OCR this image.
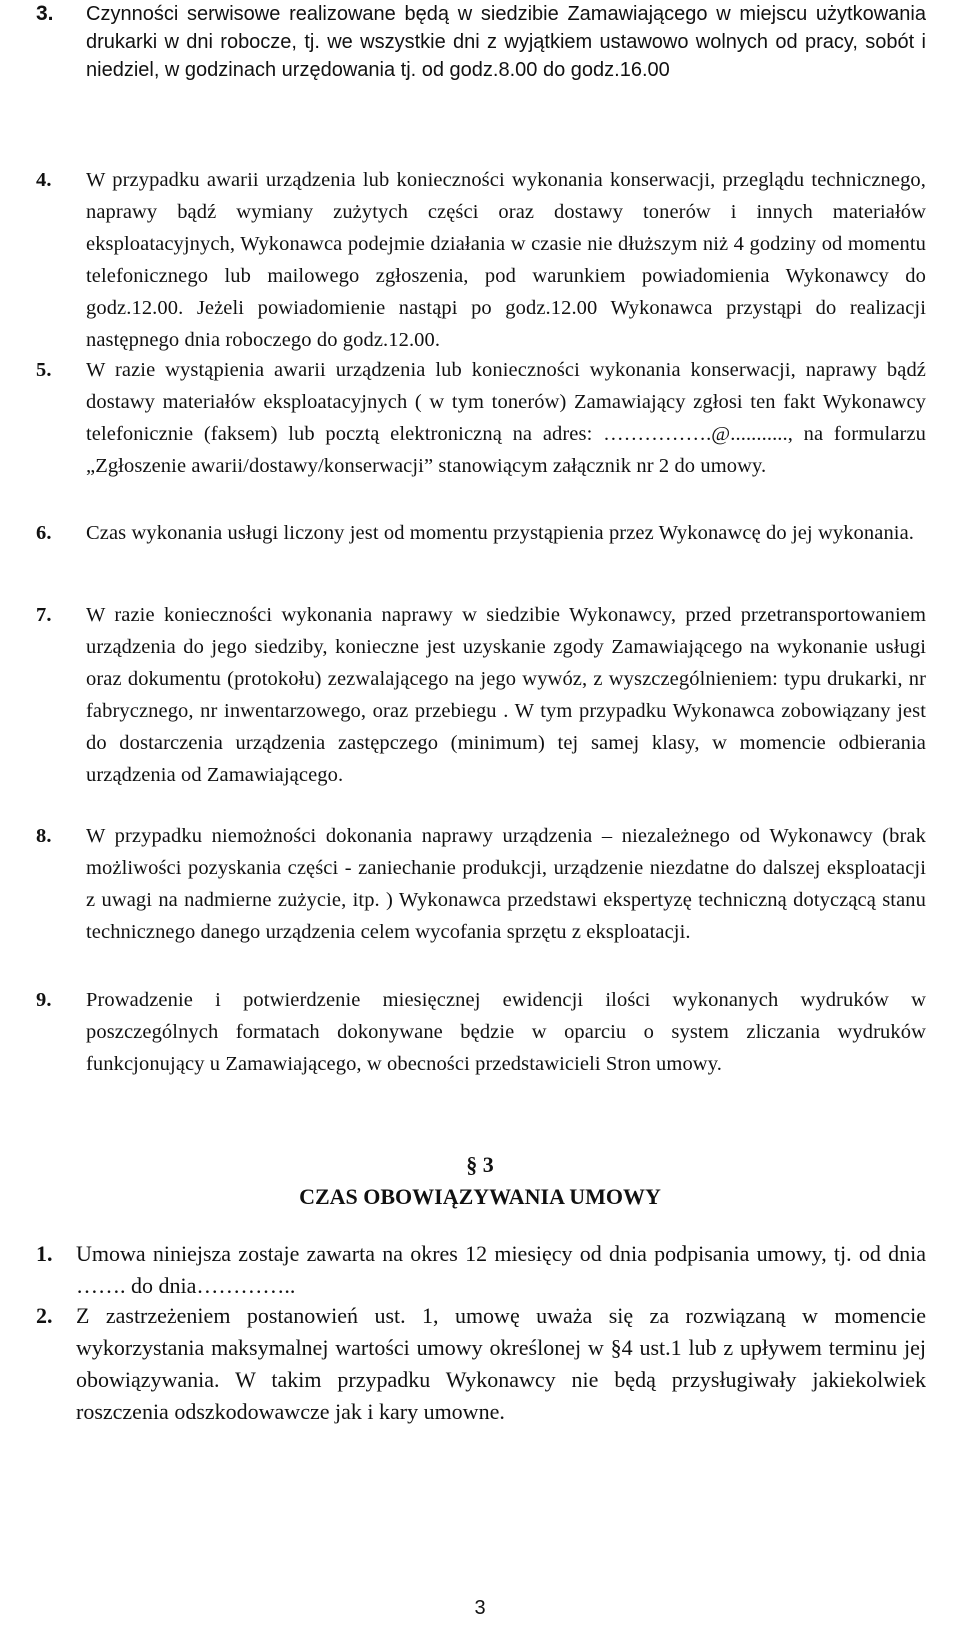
3. Czynności serwisowe realizowane będą w siedzibie Zamawiającego w miejscu użytkowania drukarki w dni robocze, tj. we wszystkie dni z wyjątkiem ustawowo wolnych od pracy, sobót i niedziel, w godzinach urzędowania tj. od godz.8.00 do godz.16.00
4. W przypadku awarii urządzenia lub konieczności wykonania konserwacji, przeglądu technicznego, naprawy bądź wymiany zużytych części oraz dostawy tonerów i innych materiałów eksploatacyjnych, Wykonawca podejmie działania w czasie nie dłuższym niż 4 godziny od momentu telefonicznego lub mailowego zgłoszenia, pod warunkiem powiadomienia Wykonawcy do godz.12.00. Jeżeli powiadomienie nastąpi po godz.12.00 Wykonawca przystąpi do realizacji następnego dnia roboczego do godz.12.00.
5. W razie wystąpienia awarii urządzenia lub konieczności wykonania konserwacji, naprawy bądź dostawy materiałów eksploatacyjnych ( w tym tonerów) Zamawiający zgłosi ten fakt Wykonawcy telefonicznie (faksem) lub pocztą elektroniczną na adres: …………….@..........., na formularzu „Zgłoszenie awarii/dostawy/konserwacji” stanowiącym załącznik nr 2 do umowy.
6. Czas wykonania usługi liczony jest od momentu przystąpienia przez Wykonawcę do jej wykonania.
7. W razie konieczności wykonania naprawy w siedzibie Wykonawcy, przed przetransportowaniem urządzenia do jego siedziby, konieczne jest uzyskanie zgody Zamawiającego na wykonanie usługi oraz dokumentu (protokołu) zezwalającego na jego wywóz, z wyszczególnieniem: typu drukarki, nr fabrycznego, nr inwentarzowego, oraz przebiegu . W tym przypadku Wykonawca zobowiązany jest do dostarczenia urządzenia zastępczego (minimum) tej samej klasy, w momencie odbierania urządzenia od Zamawiającego.
8. W przypadku niemożności dokonania naprawy urządzenia – niezależnego od Wykonawcy (brak możliwości pozyskania części - zaniechanie produkcji, urządzenie niezdatne do dalszej eksploatacji z uwagi na nadmierne zużycie, itp. ) Wykonawca przedstawi ekspertyzę techniczną dotyczącą stanu technicznego danego urządzenia celem wycofania sprzętu z eksploatacji.
9. Prowadzenie i potwierdzenie miesięcznej ewidencji ilości wykonanych wydruków w poszczególnych formatach dokonywane będzie w oparciu o system zliczania wydruków funkcjonujący u Zamawiającego, w obecności przedstawicieli Stron umowy.
§ 3
CZAS OBOWIĄZYWANIA UMOWY
1. Umowa niniejsza zostaje zawarta na okres 12 miesięcy od dnia podpisania umowy, tj. od dnia ……. do dnia…………..
2. Z zastrzeżeniem postanowień ust. 1, umowę uważa się za rozwiązaną w momencie wykorzystania maksymalnej wartości umowy określonej w §4 ust.1 lub z upływem terminu jej obowiązywania. W takim przypadku Wykonawcy nie będą przysługiwały jakiekolwiek roszczenia odszkodowawcze jak i kary umowne.
3
